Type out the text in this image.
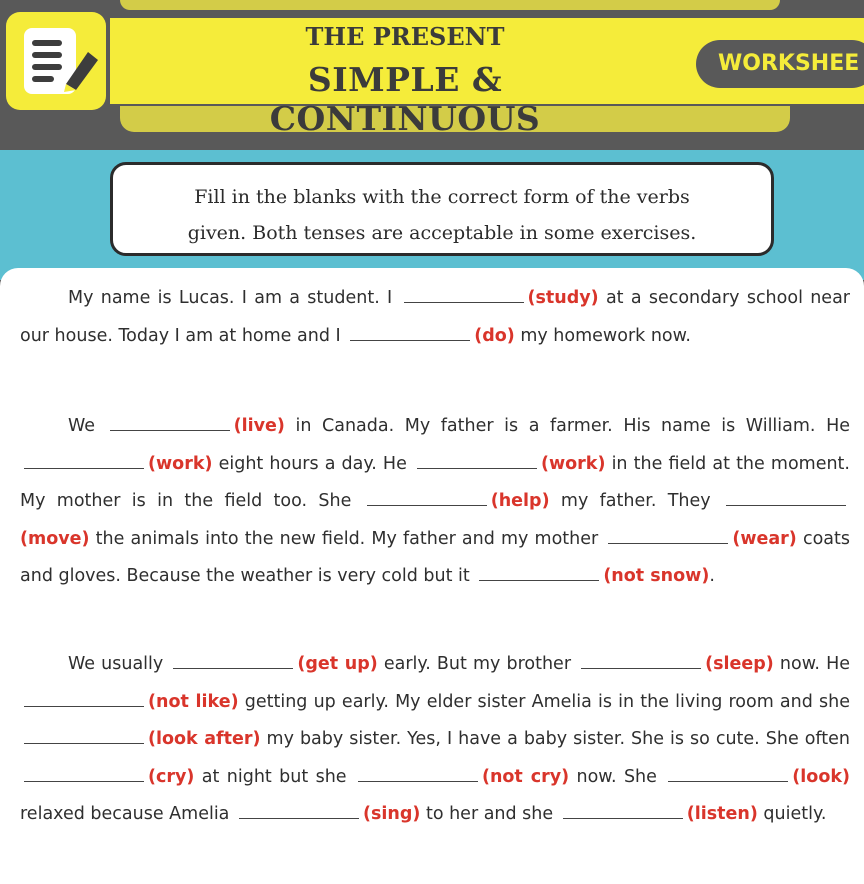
THE PRESENT
SIMPLE & CONTINUOUS
WORKSHEE
Fill in the blanks with the correct form of the verbs
given. Both tenses are acceptable in some exercises.
My name is Lucas. I am a student. I	(study) at a secondary school near our house. Today I am at home and I	(do) my homework now.
We	(live) in Canada. My father is a farmer. His name is William. He (work) eight hours a day. He	(work) in the field at the moment. My mother is in the field too. She	(help) my father. They (move) the animals into the new field. My father and my mother	(wear) coats and gloves. Because the weather is very cold but it	(not snow).
We usually	(get up) early. But my brother	(sleep) now. He (not like) getting up early. My elder sister Amelia is in the living room and she (look after) my baby sister. Yes, I have a baby sister. She is so cute. She often (cry) at night but she	(not cry) now. She	(look) relaxed because Amelia	(sing) to her and she	(listen) quietly.
